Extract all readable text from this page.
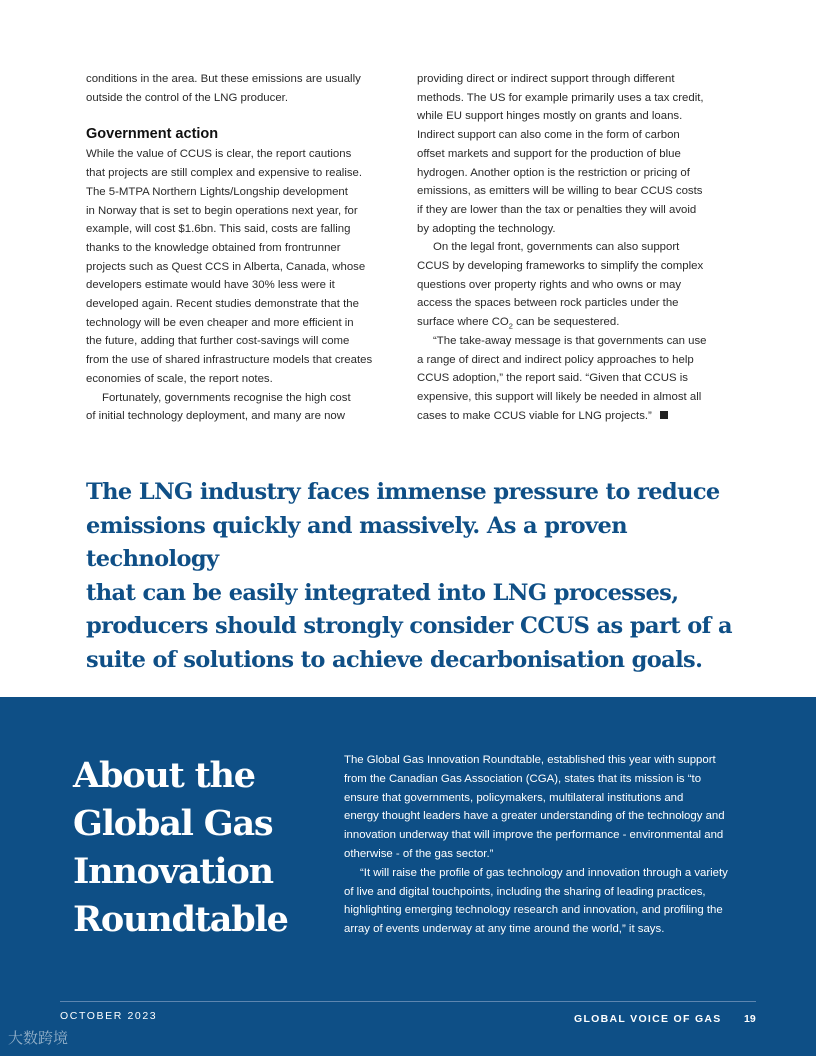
conditions in the area. But these emissions are usually
outside the control of the LNG producer.

Government action

While the value of CCUS is clear, the report cautions
that projects are still complex and expensive to realise.
The 5-MTPA Northern Lights/Longship development
in Norway that is set to begin operations next year, for
example, will cost $1.6bn. This said, costs are falling
thanks to the knowledge obtained from frontrunner
projects such as Quest CCS in Alberta, Canada, whose
developers estimate would have 30% less were it
developed again. Recent studies demonstrate that the
technology will be even cheaper and more efficient in
the future, adding that further cost-savings will come
from the use of shared infrastructure models that creates
economies of scale, the report notes.

Fortunately, governments recognise the high cost
of initial technology deployment, and many are now

providing direct or indirect support through different
methods. The US for example primarily uses a tax credit,
while EU support hinges mostly on grants and loans.
Indirect support can also come in the form of carbon
offset markets and support for the production of blue
hydrogen. Another option is the restriction or pricing of
emissions, as emitters will be willing to bear CCUS costs
if they are lower than the tax or penalties they will avoid
by adopting the technology.

On the legal front, governments can also support
CCUS by developing frameworks to simplify the complex
questions over property rights and who owns or may
access the spaces between rock particles under the
surface where $CO_2$ can be sequestered.

“The take-away message is that governments can use
a range of direct and indirect policy approaches to help
CCUS adoption,” the report said. “Given that CCUS is
expensive, this support will likely be needed in almost all
cases to make CCUS viable for LNG projects.”

The LNG industry faces immense pressure to reduce
emissions quickly and massively. As a proven technology
that can be easily integrated into LNG processes,
producers should strongly consider CCUS as part of a
suite of solutions to achieve decarbonisation goals.

About the
Global Gas
Innovation
Roundtable

The Global Gas Innovation Roundtable, established this year with support
from the Canadian Gas Association (CGA), states that its mission is “to
ensure that governments, policymakers, multilateral institutions and
energy thought leaders have a greater understanding of the technology and
innovation underway that will improve the performance - environmental and
otherwise - of the gas sector.”

“It will raise the profile of gas technology and innovation through a variety
of live and digital touchpoints, including the sharing of leading practices,
highlighting emerging technology research and innovation, and profiling the
array of events underway at any time around the world,” it says.

OCTOBER 2023	GLOBAL VOICE OF GAS 19
大数跨境
